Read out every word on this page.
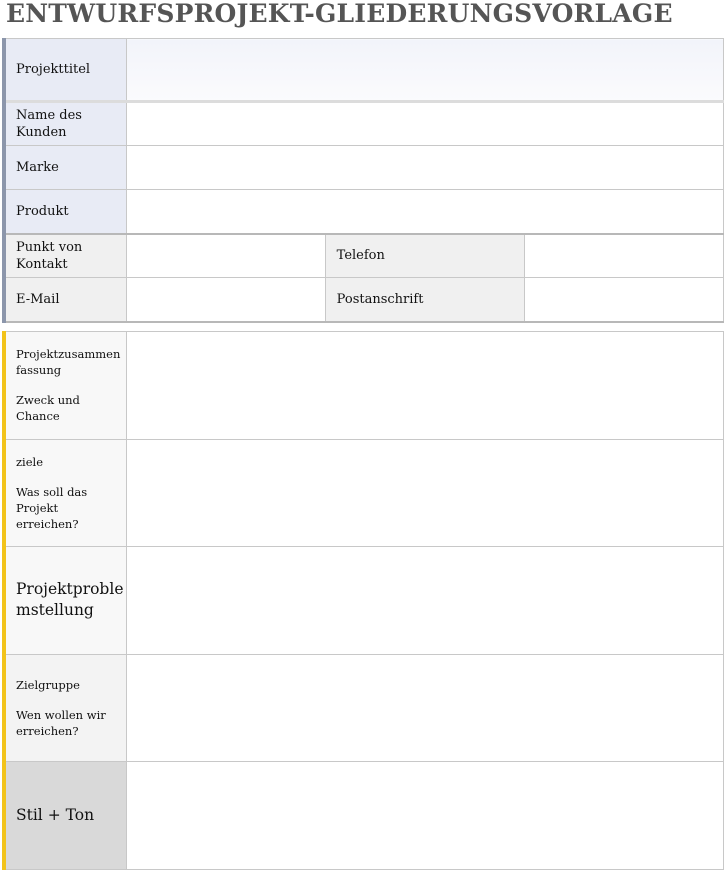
ENTWURFSPROJEKT-GLIEDERUNGSVORLAGE
Projekttitel			
Name des Kunden			
Marke			
Produkt			
Punkt von Kontakt		Telefon	
E-Mail		Postanschrift	
Projektzusammenfassung
Zweck und Chance	

ziele
Was soll das Projekt erreichen?	

Projektproblemstellung	
Zielgruppe
Wen wollen wir erreichen?	

Stil + Ton	
